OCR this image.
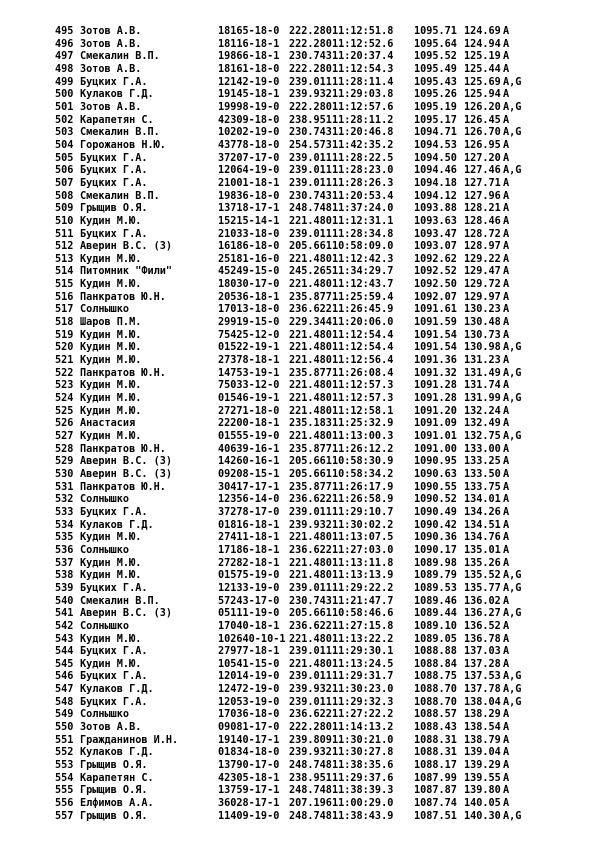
495 Зотов А.В.	18165-18-0 222.280 11:12:51.8 1095.71 124.69 A
496 Зотов А.В.	18116-18-1 222.280 11:12:52.6 1095.64 124.94 A
497 Смекалин В.П.	19866-18-1 230.743 11:20:37.4 1095.52 125.19 A
498 Зотов А.В.	18161-18-0 222.280 11:12:54.3 1095.49 125.44 A
499 Буцких Г.А.	12142-19-0 239.011 11:28:11.4 1095.43 125.69 A,G
500 Кулаков Г.Д.	19145-18-1 239.932 11:29:03.8 1095.26 125.94 A
501 Зотов А.В.	19998-19-0 222.280 11:12:57.6 1095.19 126.20 A,G
502 Карапетян С.	42309-18-0 238.951 11:28:11.2 1095.17 126.45 A
503 Смекалин В.П.	10202-19-0 230.743 11:20:46.8 1094.71 126.70 A,G
504 Горожанов Н.Ю.	43778-18-0 254.573 11:42:35.2 1094.53 126.95 A
505 Буцких Г.А.	37207-17-0 239.011 11:28:22.5 1094.50 127.20 A
506 Буцких Г.А.	12064-19-0 239.011 11:28:23.0 1094.46 127.46 A,G
507 Буцких Г.А.	21001-18-1 239.011 11:28:26.3 1094.18 127.71 A
508 Смекалин В.П.	19836-18-0 230.743 11:20:53.4 1094.12 127.96 A
509 Грыщив О.Я.	13718-17-1 248.748 11:37:24.0 1093.88 128.21 A
510 Кудин М.Ю.	15215-14-1 221.480 11:12:31.1 1093.63 128.46 A
511 Буцких Г.А.	21033-18-0 239.011 11:28:34.8 1093.47 128.72 A
512 Аверин В.С. (3)	16186-18-0 205.661 10:58:09.0 1093.07 128.97 A
513 Кудин М.Ю.	25181-16-0 221.480 11:12:42.3 1092.62 129.22 A
514 Питомник "Фили"	45249-15-0 245.265 11:34:29.7 1092.52 129.47 A
515 Кудин М.Ю.	18030-17-0 221.480 11:12:43.7 1092.50 129.72 A
516 Панкратов Ю.Н.	20536-18-1 235.877 11:25:59.4 1092.07 129.97 A
517 Солнышко	17013-18-0 236.622 11:26:45.9 1091.61 130.23 A
518 Шаров П.М.	29919-15-0 229.344 11:20:06.0 1091.59 130.48 A
519 Кудин М.Ю.	75425-12-0 221.480 11:12:54.4 1091.54 130.73 A
520 Кудин М.Ю.	01522-19-1 221.480 11:12:54.4 1091.54 130.98 A,G
521 Кудин М.Ю.	27378-18-1 221.480 11:12:56.4 1091.36 131.23 A
522 Панкратов Ю.Н.	14753-19-1 235.877 11:26:08.4 1091.32 131.49 A,G
523 Кудин М.Ю.	75033-12-0 221.480 11:12:57.3 1091.28 131.74 A
524 Кудин М.Ю.	01546-19-1 221.480 11:12:57.3 1091.28 131.99 A,G
525 Кудин М.Ю.	27271-18-0 221.480 11:12:58.1 1091.20 132.24 A
526 Анастасия	22200-18-1 235.183 11:25:32.9 1091.09 132.49 A
527 Кудин М.Ю.	01555-19-0 221.480 11:13:00.3 1091.01 132.75 A,G
528 Панкратов Ю.Н.	40639-16-1 235.877 11:26:12.2 1091.00 133.00 A
529 Аверин В.С. (3)	14260-16-1 205.661 10:58:30.9 1090.95 133.25 A
530 Аверин В.С. (3)	09208-15-1 205.661 10:58:34.2 1090.63 133.50 A
531 Панкратов Ю.Н.	30417-17-1 235.877 11:26:17.9 1090.55 133.75 A
532 Солнышко	12356-14-0 236.622 11:26:58.9 1090.52 134.01 A
533 Буцких Г.А.	37278-17-0 239.011 11:29:10.7 1090.49 134.26 A
534 Кулаков Г.Д.	01816-18-1 239.932 11:30:02.2 1090.42 134.51 A
535 Кудин М.Ю.	27411-18-1 221.480 11:13:07.5 1090.36 134.76 A
536 Солнышко	17186-18-1 236.622 11:27:03.0 1090.17 135.01 A
537 Кудин М.Ю.	27282-18-1 221.480 11:13:11.8 1089.98 135.26 A
538 Кудин М.Ю.	01575-19-0 221.480 11:13:13.9 1089.79 135.52 A,G
539 Буцких Г.А.	12133-19-0 239.011 11:29:22.2 1089.53 135.77 A,G
540 Смекалин В.П.	57243-17-0 230.743 11:21:47.7 1089.46 136.02 A
541 Аверин В.С. (3)	05111-19-0 205.661 10:58:46.6 1089.44 136.27 A,G
542 Солнышко	17040-18-1 236.622 11:27:15.8 1089.10 136.52 A
543 Кудин М.Ю.	102640-10-1 221.480 11:13:22.2 1089.05 136.78 A
544 Буцких Г.А.	27977-18-1 239.011 11:29:30.1 1088.88 137.03 A
545 Кудин М.Ю.	10541-15-0 221.480 11:13:24.5 1088.84 137.28 A
546 Буцких Г.А.	12014-19-0 239.011 11:29:31.7 1088.75 137.53 A,G
547 Кулаков Г.Д.	12472-19-0 239.932 11:30:23.0 1088.70 137.78 A,G
548 Буцких Г.А.	12053-19-0 239.011 11:29:32.3 1088.70 138.04 A,G
549 Солнышко	17036-18-0 236.622 11:27:22.2 1088.57 138.29 A
550 Зотов А.В.	09081-17-0 222.280 11:14:13.2 1088.43 138.54 A
551 Гражданинов И.Н.	19140-17-1 239.809 11:30:21.0 1088.31 138.79 A
552 Кулаков Г.Д.	01834-18-0 239.932 11:30:27.8 1088.31 139.04 A
553 Грыщив О.Я.	13790-17-0 248.748 11:38:35.6 1088.17 139.29 A
554 Карапетян С.	42305-18-1 238.951 11:29:37.6 1087.99 139.55 A
555 Грыщив О.Я.	13759-17-1 248.748 11:38:39.3 1087.87 139.80 A
556 Елфимов А.А.	36028-17-1 207.196 11:00:29.0 1087.74 140.05 A
557 Грыщив О.Я.	11409-19-0 248.748 11:38:43.9 1087.51 140.30 A,G
